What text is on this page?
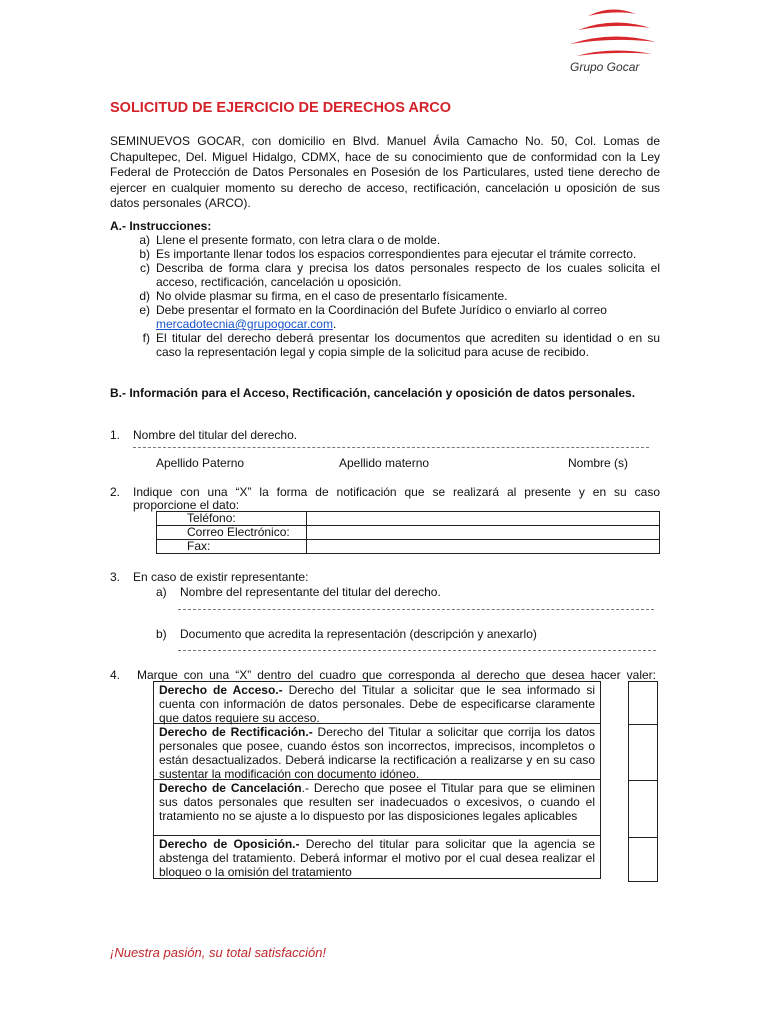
Grupo Gocar
SOLICITUD DE EJERCICIO DE DERECHOS ARCO
SEMINUEVOS GOCAR, con domicilio en Blvd. Manuel Ávila Camacho No. 50, Col. Lomas de Chapultepec, Del. Miguel Hidalgo, CDMX, hace de su conocimiento que de conformidad con la Ley Federal de Protección de Datos Personales en Posesión de los Particulares, usted tiene derecho de ejercer en cualquier momento su derecho de acceso, rectificación, cancelación u oposición de sus datos personales (ARCO).
A.- Instrucciones:
a) Llene el presente formato, con letra clara o de molde.
b) Es importante llenar todos los espacios correspondientes para ejecutar el trámite correcto.
c) Describa de forma clara y precisa los datos personales respecto de los cuales solicita el acceso, rectificación, cancelación u oposición.
d) No olvide plasmar su firma, en el caso de presentarlo físicamente.
e) Debe presentar el formato en la Coordinación del Bufete Jurídico o enviarlo al correo
mercadotecnia@grupogocar.com.
f) El titular del derecho deberá presentar los documentos que acrediten su identidad o en su caso la representación legal y copia simple de la solicitud para acuse de recibido.
B.- Información para el Acceso, Rectificación, cancelación y oposición de datos personales.
1. Nombre del titular del derecho.
Apellido Paterno	Apellido materno	Nombre (s)
2. Indique con una “X” la forma de notificación que se realizará al presente y en su caso
proporcione el dato:
Teléfono:	
Correo Electrónico:	
Fax:	
3. En caso de existir representante:
a) Nombre del representante del titular del derecho.
b) Documento que acredita la representación (descripción y anexarlo)
4. Marque con una “X” dentro del cuadro que corresponda al derecho que desea hacer valer:
Derecho de Acceso.- Derecho del Titular a solicitar que le sea informado si cuenta con información de datos personales. Debe de especificarse claramente que datos requiere su acceso.
Derecho de Rectificación.- Derecho del Titular a solicitar que corrija los datos personales que posee, cuando éstos son incorrectos, imprecisos, incompletos o están desactualizados. Deberá indicarse la rectificación a realizarse y en su caso sustentar la modificación con documento idóneo.
Derecho de Cancelación.- Derecho que posee el Titular para que se eliminen sus datos personales que resulten ser inadecuados o excesivos, o cuando el tratamiento no se ajuste a lo dispuesto por las disposiciones legales aplicables
Derecho de Oposición.- Derecho del titular para solicitar que la agencia se abstenga del tratamiento. Deberá informar el motivo por el cual desea realizar el bloqueo o la omisión del tratamiento
¡Nuestra pasión, su total satisfacción!
